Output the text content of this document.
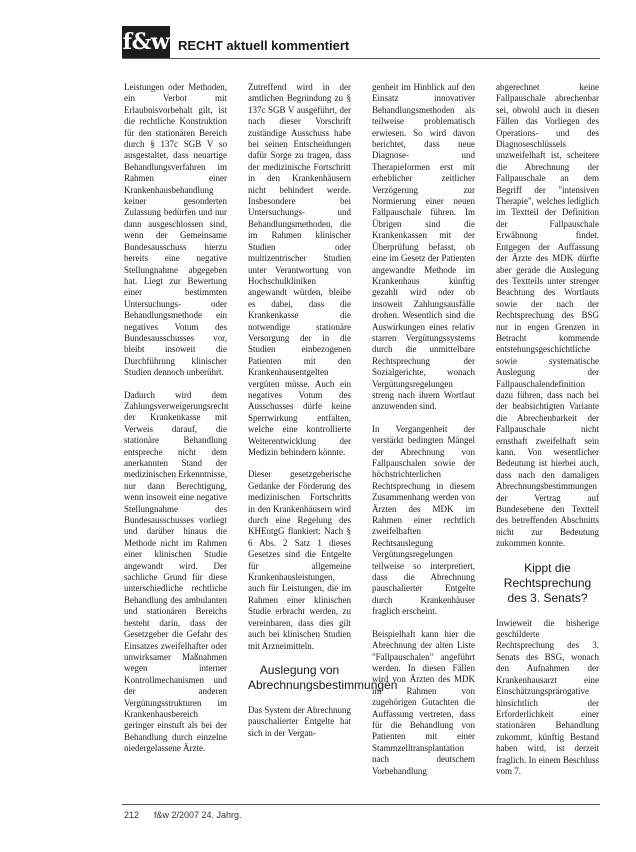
f&w RECHT aktuell kommentiert

Leistungen oder Methoden, ein Verbot mit Erlaubnisvorbehalt gilt, ist die rechtliche Konstruktion für den stationären Bereich durch § 137c SGB V so ausgestaltet, dass neuartige Behandlungsverfahren im Rahmen einer Krankenhausbehandlung keiner gesonderten Zulassung bedürfen und nur dann ausgeschlossen sind, wenn der Gemeinsame Bundesausschuss hierzu bereits eine negative Stellungnahme abgegeben hat. Liegt zur Bewertung einer bestimmten Untersuchungs- oder Behandlungsmethode ein negatives Votum des Bundesausschusses vor, bleibt insoweit die Durchführung klinischer Studien dennoch unberührt.

Dadurch wird dem Zahlungsverweigerungsrecht der Krankenkasse mit Verweis darauf, die stationäre Behandlung entspreche nicht dem anerkannten Stand der medizinischen Erkenntnisse, nur dann Berechtigung, wenn insoweit eine negative Stellungnahme des Bundesausschusses vorliegt und darüber hinaus die Methode nicht im Rahmen einer klinischen Studie angewandt wird. Der sachliche Grund für diese unterschiedliche rechtliche Behandlung des ambulanten und stationären Bereichs besteht darin, dass der Gesetzgeber die Gefahr des Einsatzes zweifelhafter oder unwirksamer Maßnahmen wegen interner Kontrollmechanismen und der anderen Vergütungsstrukturen im Krankenhausbereich geringer einstuft als bei der Behandlung durch einzelne niedergelassene Ärzte.

Zutreffend wird in der amtlichen Begründung zu § 137c SGB V ausgeführt, der nach dieser Vorschrift zuständige Ausschuss habe bei seinen Entscheidungen dafür Sorge zu tragen, dass der medizinische Fortschritt in den Krankenhäusern nicht behindert werde. Insbesondere bei Untersuchungs- und Behandlungsmethoden, die im Rahmen klinischer Studien oder multizentrischer Studien unter Verantwortung von Hochschulkliniken angewandt würden, bleibe es dabei, dass die Krankenkasse die notwendige stationäre Versorgung der in die Studien einbezogenen Patienten mit den Krankenhausentgelten vergüten müsse. Auch ein negatives Votum des Ausschusses dürfe keine Sperrwirkung entfalten, welche eine kontrollierte Weiterentwicklung der Medizin behindern könnte.

Dieser gesetzgeberische Gedanke der Förderung des medizinischen Fortschritts in den Krankenhäusern wird durch eine Regelung des KHEntgG flankiert: Nach § 6 Abs. 2 Satz 1 dieses Gesetzes sind die Entgelte für allgemeine Krankenhausleistungen, auch für Leistungen, die im Rahmen einer klinischen Studie erbracht werden, zu vereinbaren, dass dies gilt auch bei klinischen Studien mit Arzneimitteln.

Auslegung von Abrechnungsbestimmungen

Das System der Abrechnung pauschalierter Entgelte hat sich in der Vergan-

genheit im Hinblick auf den Einsatz innovativer Behandlungsmethoden als teilweise problematisch erwiesen. So wird davon berichtet, dass neue Diagnose- und Therapieformen erst mit erheblicher zeitlicher Verzögerung zur Normierung einer neuen Fallpauschale führen. Im Übrigen sind die Krankenkassen mit der Überprüfung befasst, ob eine im Gesetz der Patienten angewandte Methode im Krankenhaus künftig gezahlt wird oder ob insoweit Zahlungsausfälle drohen. Wesentlich sind die Auswirkungen eines relativ starren Vergütungssystems durch die unmittelbare Rechtsprechung der Sozialgerichte, wonach Vergütungsregelungen streng nach ihrem Wortlaut anzuwenden sind.

In Vergangenheit der verstärkt bedingten Mängel der Abrechnung von Fallpauschalen sowie der höchstrichterlichen Rechtsprechung in diesem Zusammenhang werden von Ärzten des MDK im Rahmen einer rechtlich zweifelhaften Rechtsauslegung Vergütungsregelungen teilweise so interpretiert, dass die Abrechnung pauschalierter Entgelte durch Krankenhäuser fraglich erscheint.

Beispielhaft kann hier die Abrechnung der alten Liste "Fallpauschalen" angeführt werden. In diesen Fällen wird von Ärzten des MDK im Rahmen von zugehörigen Gutachten die Auffassung vertreten, dass für die Behandlung von Patienten mit einer Stammzelltransplantation nach deutschem Vorbehandlung

abgerechnet keine Fallpauschale abrechenbar sei, obwohl auch in diesen Fällen das Vorliegen des Operations- und des Diagnoseschlüssels unzweifelhaft ist, scheitere die Abrechnung der Fallpauschale an dem Begriff der "intensiven Therapie", welches lediglich im Textteil der Definition der Fallpauschale Erwähnung findet. Entgegen der Auffassung der Ärzte des MDK dürfte aber gerade die Auslegung des Textteils unter strenger Beachtung des Wortlauts sowie der nach der Rechtsprechung des BSG nur in engen Grenzen in Betracht kommende entstehungsgeschichtliche sowie systematische Auslegung der Fallpauschalendefinition dazu führen, dass nach bei der beabsichtigten Variante die Abrechenbarkeit der Fallpauschale nicht ernsthaft zweifelhaft sein kann. Von wesentlicher Bedeutung ist hierbei auch, dass nach den damaligen Abrechnungsbestimmungen der Vertrag auf Bundesebene den Textteil des betreffenden Abschnitts nicht zur Bedeutung zukommen konnte.

Kippt die Rechtsprechung des 3. Senats?

Inwieweit die bisherige geschilderte Rechtsprechung des 3. Senats des BSG, wonach den Aufnahmen der Krankenhausarzt eine Einschätzungsprärogative hinsichtlich der Erforderlichkeit einer stationären Behandlung zukommt, künftig Bestand haben wird, ist derzeit fraglich. In einem Beschluss vom 7.

212 f&w 2/2007 24. Jahrg.
